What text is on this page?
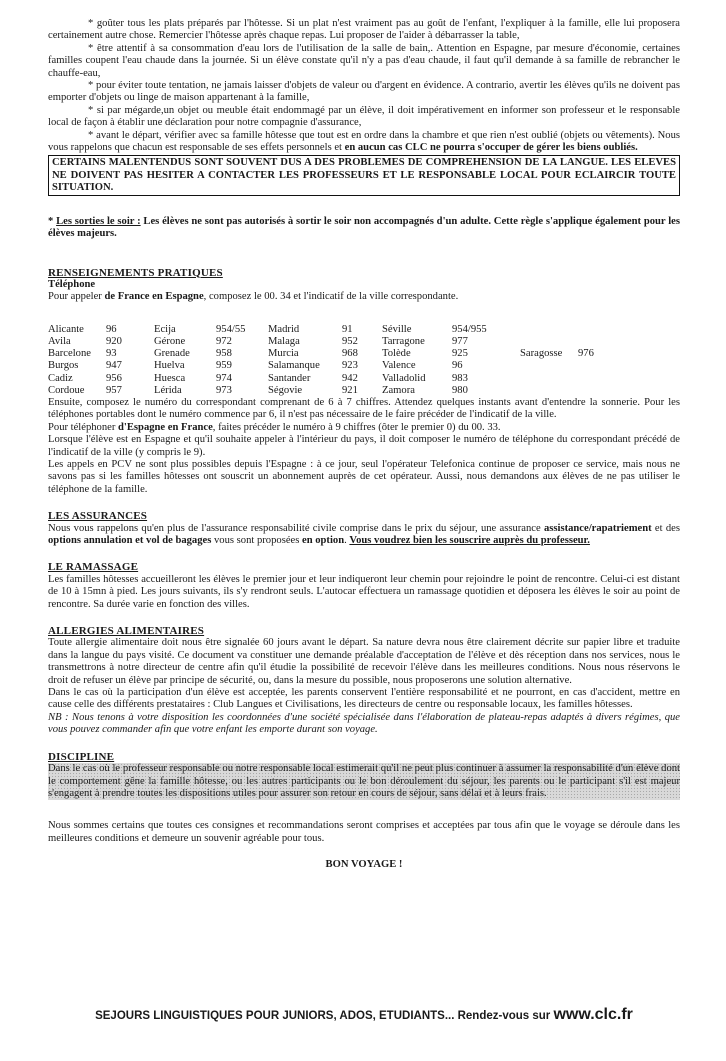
* goûter tous les plats préparés par l'hôtesse. Si un plat n'est vraiment pas au goût de l'enfant, l'expliquer à la famille, elle lui proposera certainement autre chose. Remercier l'hôtesse après chaque repas. Lui proposer de l'aider à débarrasser la table,

* être attentif à sa consommation d'eau lors de l'utilisation de la salle de bain,. Attention en Espagne, par mesure d'économie, certaines familles coupent l'eau chaude dans la journée. Si un élève constate qu'il n'y a pas d'eau chaude, il faut qu'il demande à sa famille de rebrancher le chauffe-eau,

* pour éviter toute tentation, ne jamais laisser d'objets de valeur ou d'argent en évidence. A contrario, avertir les élèves qu'ils ne doivent pas emporter d'objets ou linge de maison appartenant à la famille,

* si par mégarde,un objet ou meuble était endommagé par un élève, il doit impérativement en informer son professeur et le responsable local de façon à établir une déclaration pour notre compagnie d'assurance,

* avant le départ, vérifier avec sa famille hôtesse que tout est en ordre dans la chambre et que rien n'est oublié (objets ou vêtements). Nous vous rappelons que chacun est responsable de ses effets personnels et en aucun cas CLC ne pourra s'occuper de gérer les biens oubliés.

CERTAINS MALENTENDUS SONT SOUVENT DUS A DES PROBLEMES DE COMPREHENSION DE LA LANGUE. LES ELEVES NE DOIVENT PAS HESITER A CONTACTER LES PROFESSEURS ET LE RESPONSABLE LOCAL POUR ECLAIRCIR TOUTE SITUATION.

* Les sorties le soir : Les élèves ne sont pas autorisés à sortir le soir non accompagnés d'un adulte. Cette règle s'applique également pour les élèves majeurs.

RENSEIGNEMENTS PRATIQUES

Téléphone

Pour appeler de France en Espagne, composez le 00. 34 et l'indicatif de la ville correspondante.

Alicante	96	Ecija	954/55	Madrid	91	Séville	954/955		
Avila	920	Gérone	972	Malaga	952	Tarragone	977		
Barcelone	93	Grenade	958	Murcia	968	Tolède	925	Saragosse	976
Burgos	947	Huelva	959	Salamanque	923	Valence	96		
Cadiz	956	Huesca	974	Santander	942	Valladolid	983		
Cordoue	957	Lérida	973	Ségovie	921	Zamora	980		

Ensuite, composez le numéro du correspondant comprenant de 6 à 7 chiffres. Attendez quelques instants avant d'entendre la sonnerie. Pour les téléphones portables dont le numéro commence par 6, il n'est pas nécessaire de le faire précéder de l'indicatif de la ville.

Pour téléphoner d'Espagne en France, faites précéder le numéro à 9 chiffres (ôter le premier 0) du 00. 33.

Lorsque l'élève est en Espagne et qu'il souhaite appeler à l'intérieur du pays, il doit composer le numéro de téléphone du correspondant précédé de l'indicatif de la ville (y compris le 9).

Les appels en PCV ne sont plus possibles depuis l'Espagne : à ce jour, seul l'opérateur Telefonica continue de proposer ce service, mais nous ne savons pas si les familles hôtesses ont souscrit un abonnement auprès de cet opérateur. Aussi, nous demandons aux élèves de ne pas utiliser le téléphone de la famille.

LES ASSURANCES

Nous vous rappelons qu'en plus de l'assurance responsabilité civile comprise dans le prix du séjour, une assurance assistance/rapatriement et des options annulation et vol de bagages vous sont proposées en option. Vous voudrez bien les souscrire auprès du professeur.

LE RAMASSAGE

Les familles hôtesses accueilleront les élèves le premier jour et leur indiqueront leur chemin pour rejoindre le point de rencontre. Celui-ci est distant de 10 à 15mn à pied. Les jours suivants, ils s'y rendront seuls. L'autocar effectuera un ramassage quotidien et déposera les élèves le soir au point de rencontre. Sa durée varie en fonction des villes.

ALLERGIES ALIMENTAIRES

Toute allergie alimentaire doit nous être signalée 60 jours avant le départ. Sa nature devra nous être clairement décrite sur papier libre et traduite dans la langue du pays visité. Ce document va constituer une demande préalable d'acceptation de l'élève et dès réception dans nos services, nous le transmettrons à notre directeur de centre afin qu'il étudie la possibilité de recevoir l'élève dans les meilleures conditions. Nous nous réservons le droit de refuser un élève par principe de sécurité, ou, dans la mesure du possible, nous proposerons une solution alternative.

Dans le cas où la participation d'un élève est acceptée, les parents conservent l'entière responsabilité et ne pourront, en cas d'accident, mettre en cause celle des différents prestataires : Club Langues et Civilisations, les directeurs de centre ou responsable locaux, les familles hôtesses.

NB : Nous tenons à votre disposition les coordonnées d'une société spécialisée dans l'élaboration de plateau-repas adaptés à divers régimes, que vous pouvez commander afin que votre enfant les emporte durant son voyage.

DISCIPLINE

Dans le cas où le professeur responsable ou notre responsable local estimerait qu'il ne peut plus continuer à assumer la responsabilité d'un élève dont le comportement gêne la famille hôtesse, ou les autres participants ou le bon déroulement du séjour, les parents ou le participant s'il est majeur s'engagent à prendre toutes les dispositions utiles pour assurer son retour en cours de séjour, sans délai et à leurs frais.

Nous sommes certains que toutes ces consignes et recommandations seront comprises et acceptées par tous afin que le voyage se déroule dans les meilleures conditions et demeure un souvenir agréable pour tous.

BON VOYAGE !

SEJOURS LINGUISTIQUES POUR JUNIORS, ADOS, ETUDIANTS... Rendez-vous sur www.clc.fr
